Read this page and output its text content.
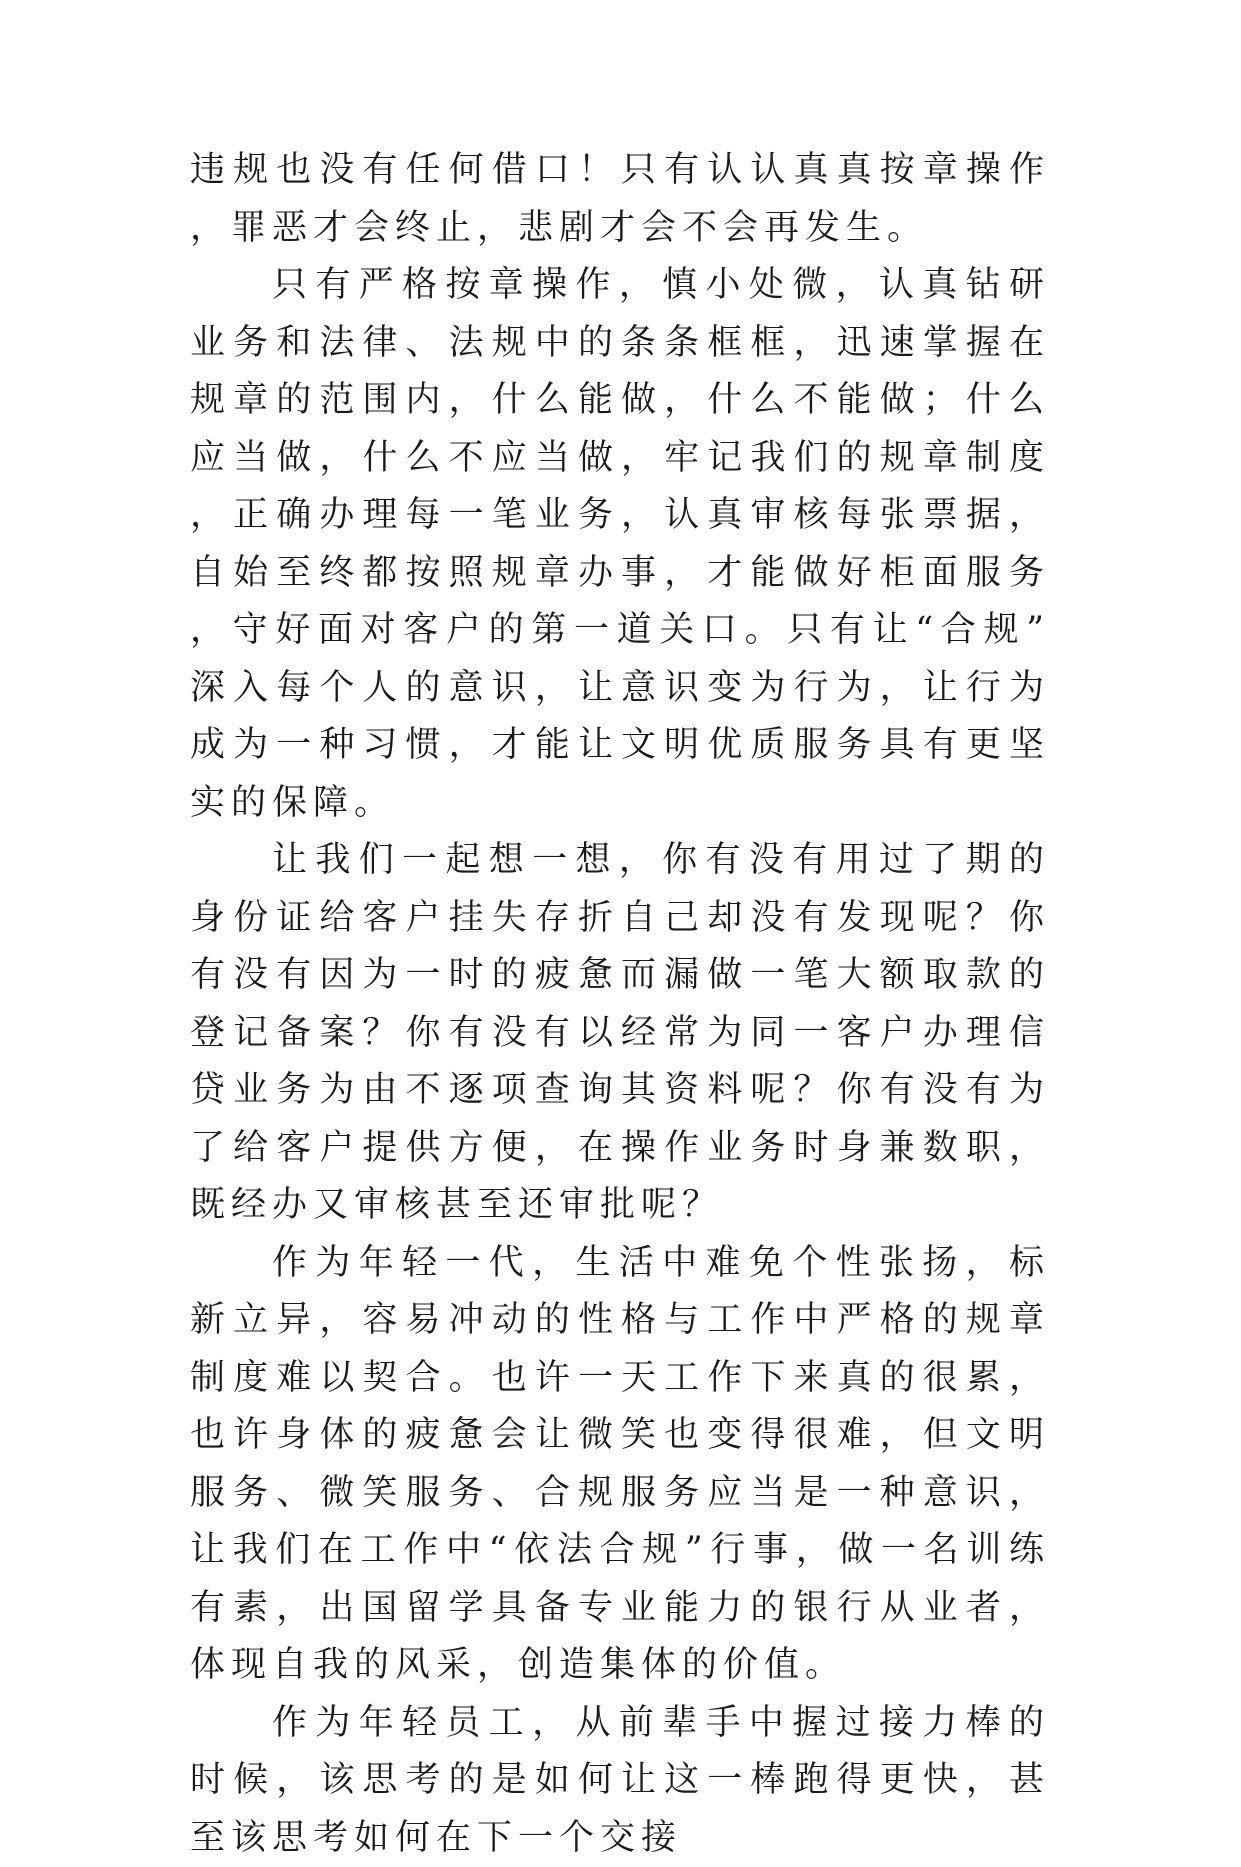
违规也没有任何借口！只有认认真真按章操作，罪恶才会终止，悲剧才会不会再发生。

只有严格按章操作，慎小处微，认真钻研业务和法律、法规中的条条框框，迅速掌握在规章的范围内，什么能做，什么不能做；什么应当做，什么不应当做，牢记我们的规章制度，正确办理每一笔业务，认真审核每张票据，自始至终都按照规章办事，才能做好柜面服务，守好面对客户的第一道关口。只有让“合规”深入每个人的意识，让意识变为行为，让行为成为一种习惯，才能让文明优质服务具有更坚实的保障。

让我们一起想一想，你有没有用过了期的身份证给客户挂失存折自己却没有发现呢？你有没有因为一时的疲惫而漏做一笔大额取款的登记备案？你有没有以经常为同一客户办理信贷业务为由不逐项查询其资料呢？你有没有为了给客户提供方便，在操作业务时身兼数职，既经办又审核甚至还审批呢？

作为年轻一代，生活中难免个性张扬，标新立异，容易冲动的性格与工作中严格的规章制度难以契合。也许一天工作下来真的很累，也许身体的疲惫会让微笑也变得很难，但文明服务、微笑服务、合规服务应当是一种意识，让我们在工作中“依法合规”行事，做一名训练有素，出国留学具备专业能力的银行从业者，体现自我的风采，创造集体的价值。

作为年轻员工，从前辈手中握过接力棒的时候，该思考的是如何让这一棒跑得更快，甚至该思考如何在下一个交接
